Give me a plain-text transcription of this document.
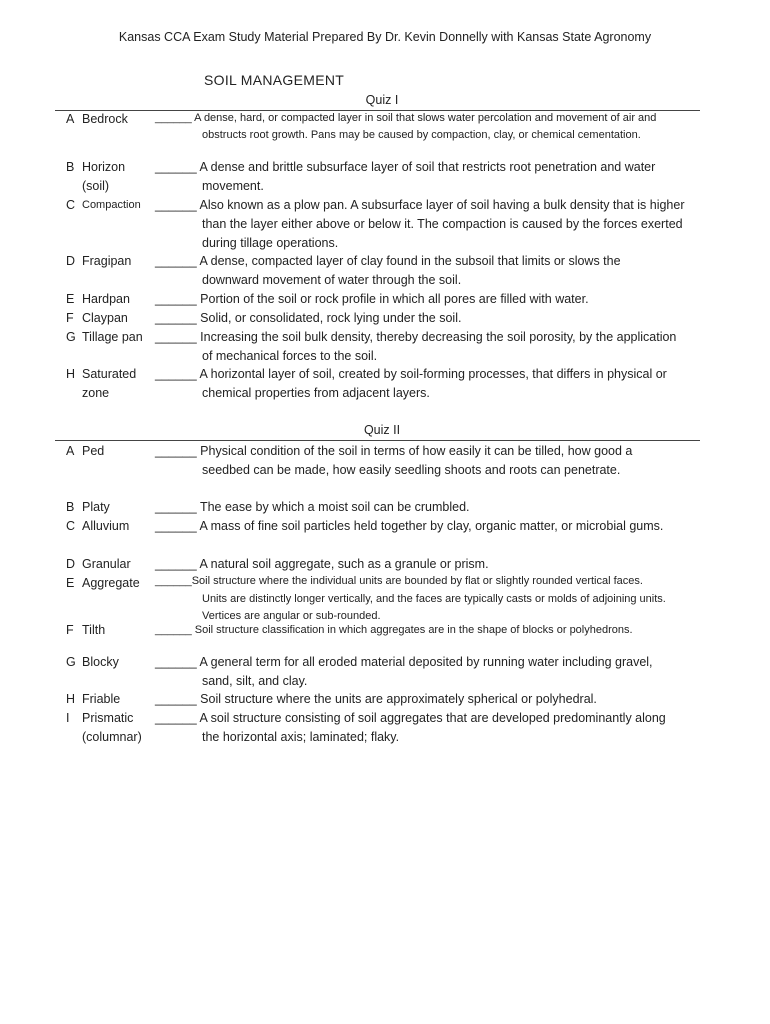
Kansas CCA Exam Study Material Prepared By Dr. Kevin Donnelly with Kansas State Agronomy
SOIL MANAGEMENT
Quiz I
A Bedrock
B Horizon
(soil)
C Compaction
D Fragipan
E Hardpan
F Claypan
G Tillage pan
H Saturated
zone
______ A dense, hard, or compacted layer in soil that slows water percolation and movement of air and
obstructs root growth. Pans may be caused by compaction, clay, or chemical cementation.
______ A dense and brittle subsurface layer of soil that restricts root penetration and water
movement.
______ Also known as a plow pan. A subsurface layer of soil having a bulk density that is higher
than the layer either above or below it. The compaction is caused by the forces exerted
during tillage operations.
______ A dense, compacted layer of clay found in the subsoil that limits or slows the
downward movement of water through the soil.
______ Portion of the soil or rock profile in which all pores are filled with water.
______ Solid, or consolidated, rock lying under the soil.
______ Increasing the soil bulk density, thereby decreasing the soil porosity, by the application
of mechanical forces to the soil.
______ A horizontal layer of soil, created by soil-forming processes, that differs in physical or
chemical properties from adjacent layers.
Quiz II
A Ped
B Platy
C Alluvium
D Granular
E Aggregate
F Tilth
G Blocky
H Friable
I Prismatic
(columnar)
______ Physical condition of the soil in terms of how easily it can be tilled, how good a
seedbed can be made, how easily seedling shoots and roots can penetrate.
______ The ease by which a moist soil can be crumbled.
______ A mass of fine soil particles held together by clay, organic matter, or microbial gums.
______ A natural soil aggregate, such as a granule or prism.
______Soil structure where the individual units are bounded by flat or slightly rounded vertical faces.
Units are distinctly longer vertically, and the faces are typically casts or molds of adjoining units.
Vertices are angular or sub-rounded.
______ Soil structure classification in which aggregates are in the shape of blocks or polyhedrons.
______ A general term for all eroded material deposited by running water including gravel,
sand, silt, and clay.
______ Soil structure where the units are approximately spherical or polyhedral.
______ A soil structure consisting of soil aggregates that are developed predominantly along
the horizontal axis; laminated; flaky.
